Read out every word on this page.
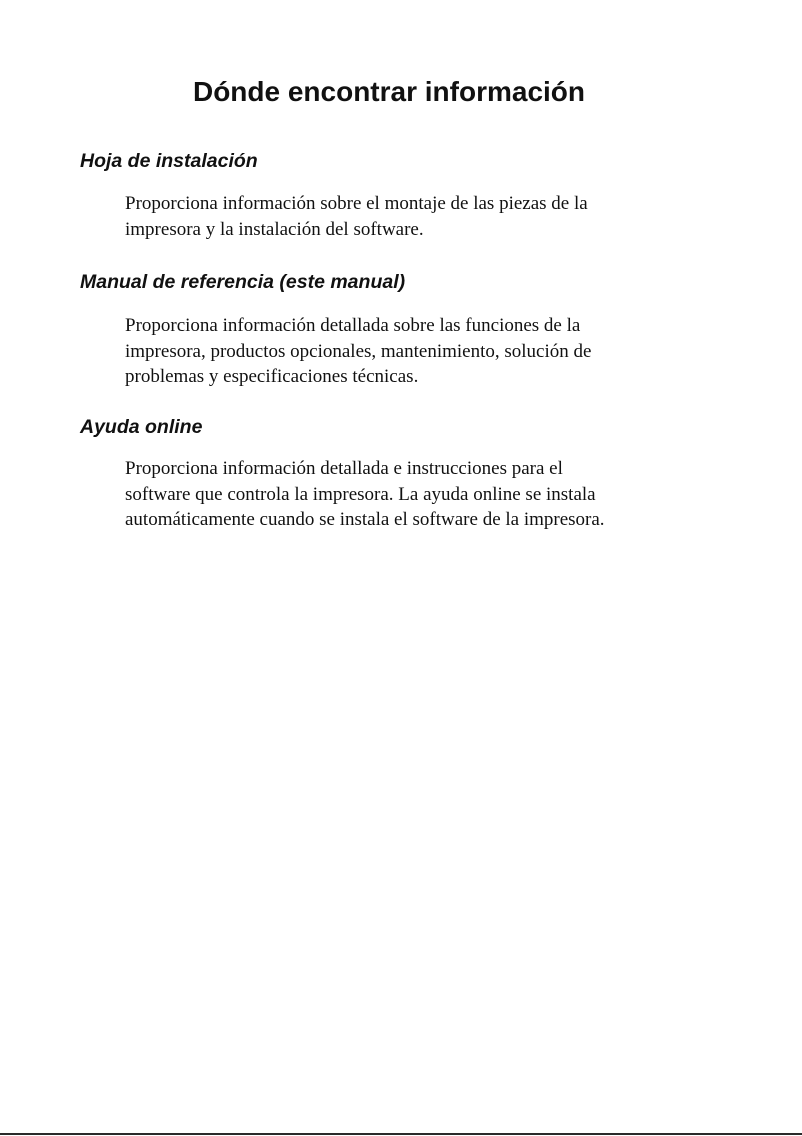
Dónde encontrar información
Hoja de instalación

Proporciona información sobre el montaje de las piezas de la
impresora y la instalación del software.

Manual de referencia (este manual)

Proporciona información detallada sobre las funciones de la
impresora, productos opcionales, mantenimiento, solución de
problemas y especificaciones técnicas.

Ayuda online

Proporciona información detallada e instrucciones para el
software que controla la impresora. La ayuda online se instala
automáticamente cuando se instala el software de la impresora.
